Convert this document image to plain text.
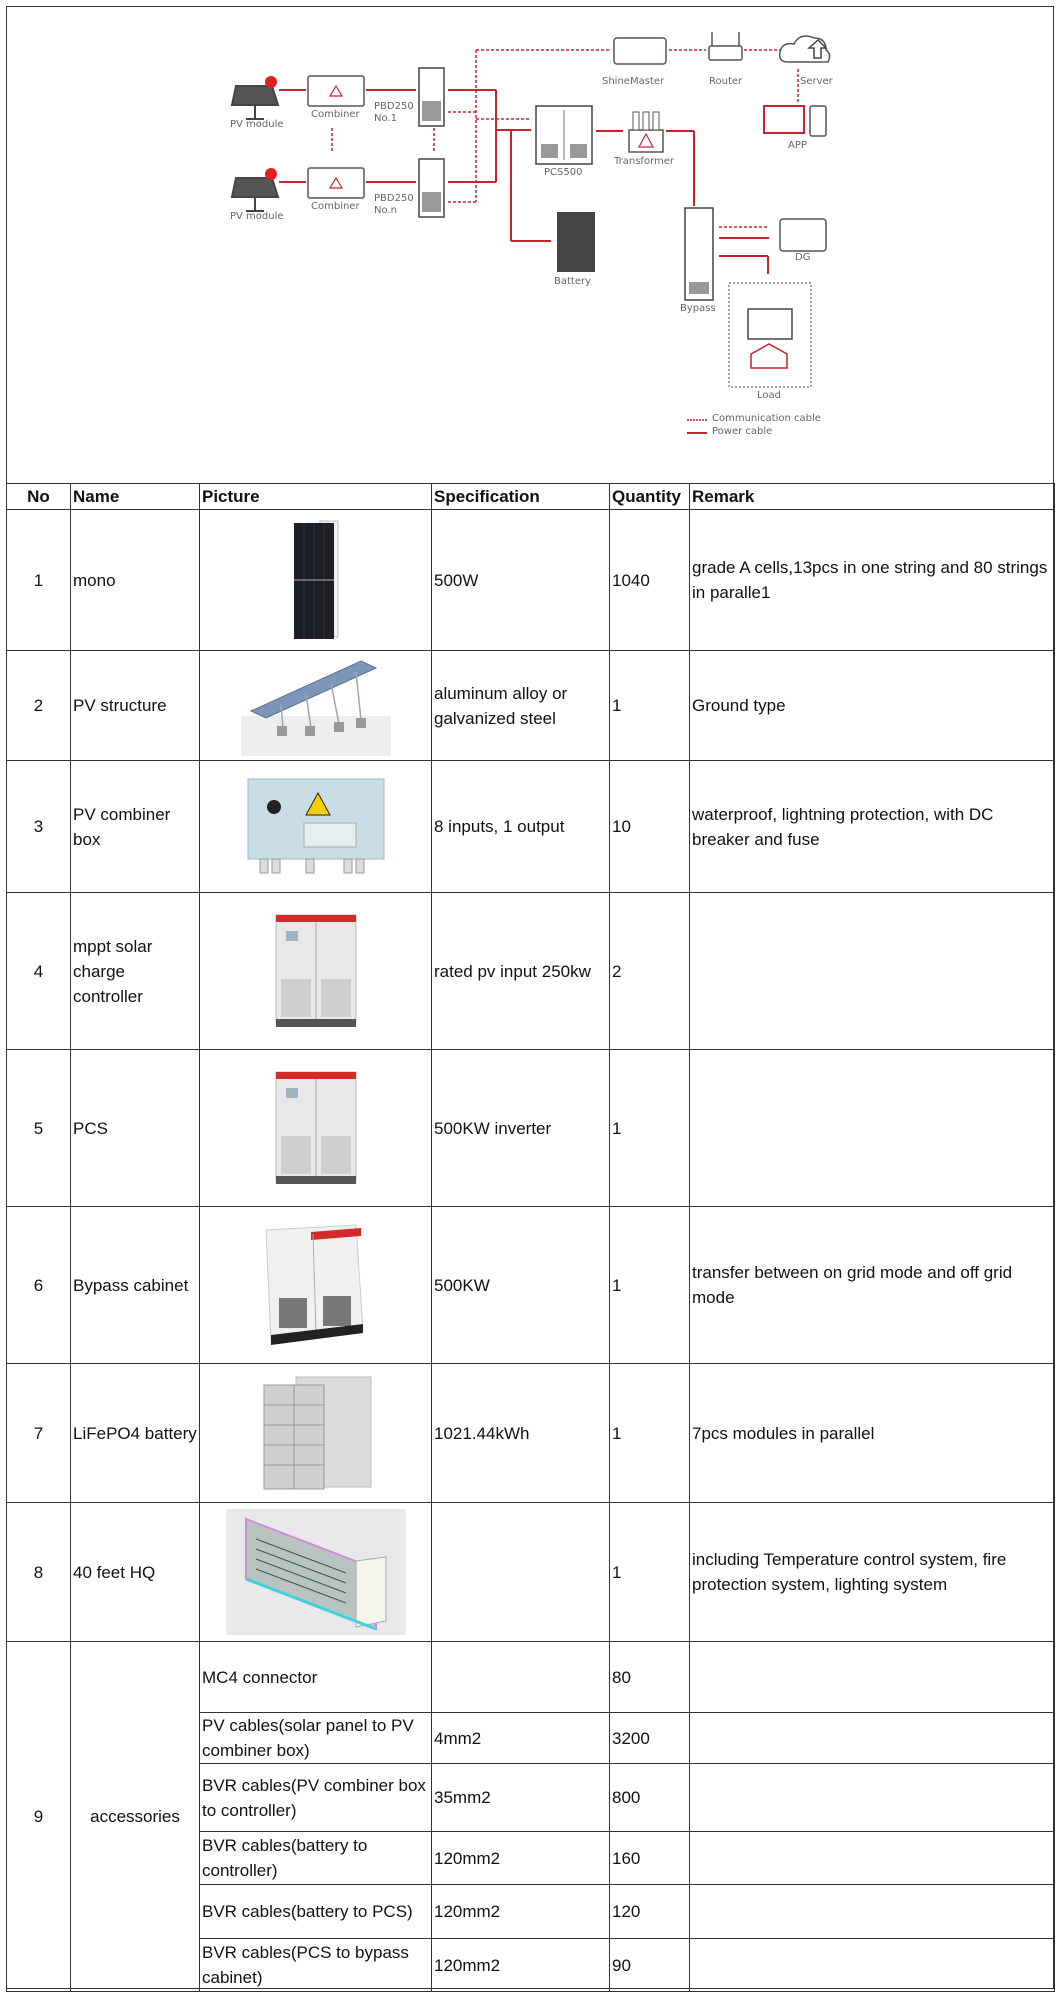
PV module
PV module
Combiner
Combiner
PBD250
No.1
PBD250
No.n
ShineMaster	Router	Server
APP
PCS500
Transformer
Battery
Bypass
DG
Load
Communication cable
Power cable
No	Name	Picture	Specification	Quantity	Remark
1	mono		500W	1040	grade A cells,13pcs in one string and 80 strings in paralle1
2	PV structure		aluminum alloy or galvanized steel	1	Ground type
3	PV combiner box		8 inputs, 1 output	10	waterproof, lightning protection, with DC breaker and fuse
4	mppt solar charge controller		rated pv input 250kw	2	
5	PCS		500KW inverter	1	
6	Bypass cabinet		500KW	1	transfer between on grid mode and off grid mode
7	LiFePO4 battery		1021.44kWh	1	7pcs modules in parallel
8	40 feet HQ			1	including Temperature control system, fire protection system, lighting system
9	accessories	MC4 connector		80	
		PV cables(solar panel to PV combiner box)	4mm2	3200	
		BVR cables(PV combiner box to controller)	35mm2	800	
		BVR cables(battery to controller)	120mm2	160	
		BVR cables(battery to PCS)	120mm2	120	
		BVR cables(PCS to bypass cabinet)	120mm2	90	
